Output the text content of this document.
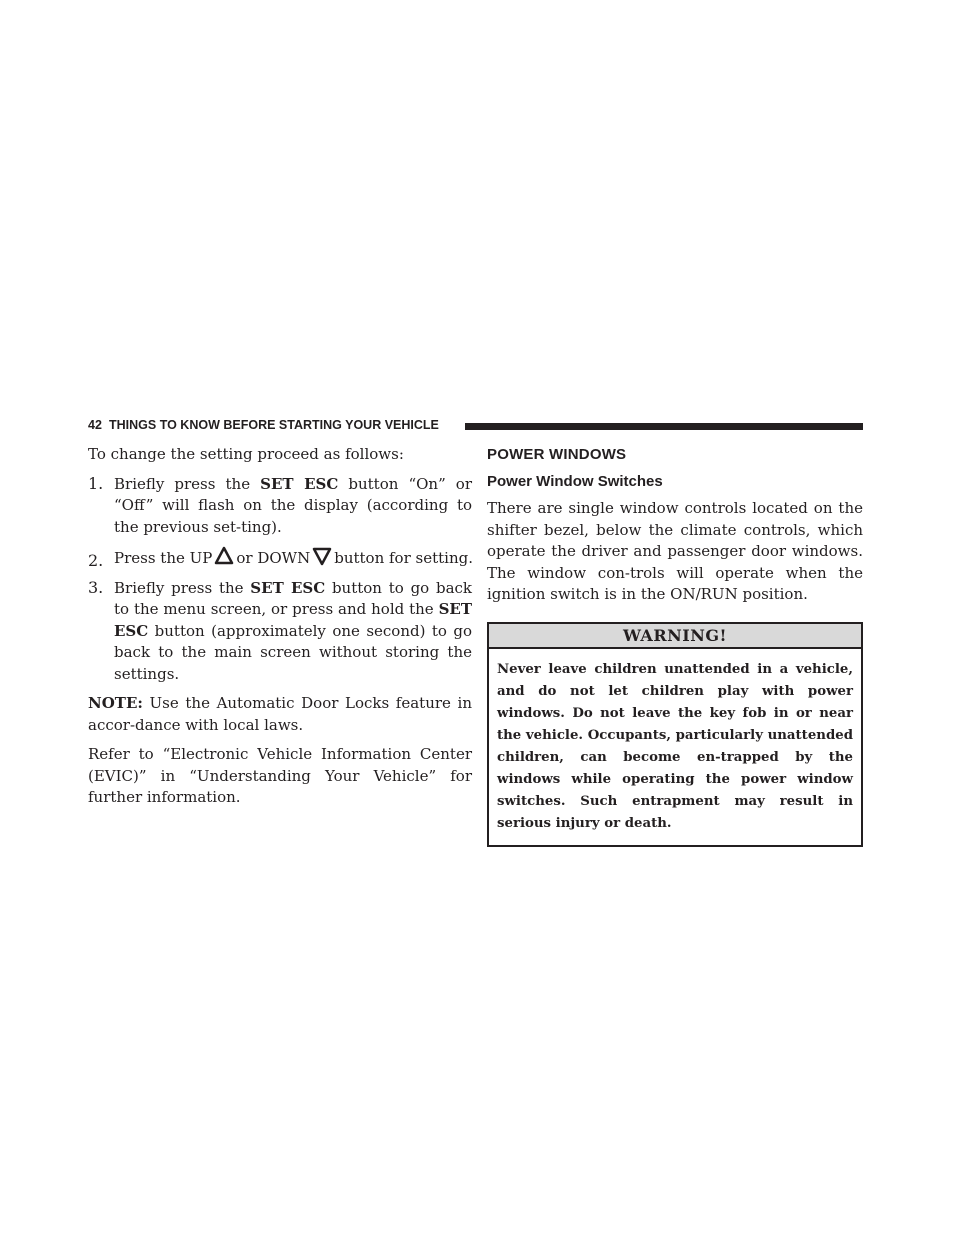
42 THINGS TO KNOW BEFORE STARTING YOUR VEHICLE

To change the setting proceed as follows:

1. Briefly press the SET ESC button “On” or “Off” will flash on the display (according to the previous set-ting).

2. Press the UP or DOWN button for setting.

3. Briefly press the SET ESC button to go back to the menu screen, or press and hold the SET ESC button (approximately one second) to go back to the main screen without storing the settings.

NOTE: Use the Automatic Door Locks feature in accor-dance with local laws.

Refer to “Electronic Vehicle Information Center (EVIC)” in “Understanding Your Vehicle” for further information.

POWER WINDOWS
Power Window Switches

There are single window controls located on the shifter bezel, below the climate controls, which operate the driver and passenger door windows. The window con-trols will operate when the ignition switch is in the ON/RUN position.

WARNING!
Never leave children unattended in a vehicle, and do not let children play with power windows. Do not leave the key fob in or near the vehicle. Occupants, particularly unattended children, can become en-trapped by the windows while operating the power window switches. Such entrapment may result in serious injury or death.
